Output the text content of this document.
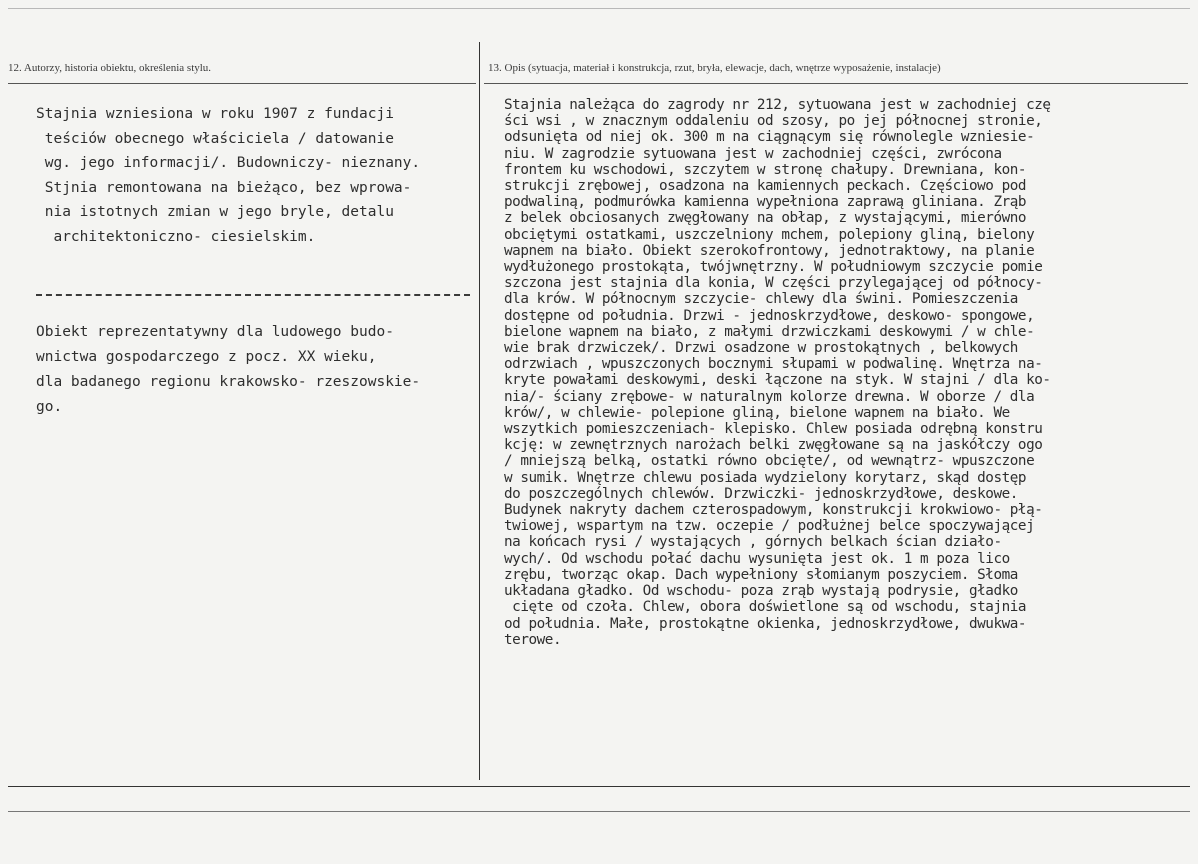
12. Autorzy, historia obiektu, określenia stylu.	13. Opis (sytuacja, materiał i konstrukcja, rzut, bryła, elewacje, dach, wnętrze wyposażenie, instalacje)
Stajnia wzniesiona w roku 1907 z fundacji
teściów obecnego właściciela / datowanie
wg. jego informacji/. Budowniczy- nieznany.
Stjnia remontowana na bieżąco, bez wprowa-
nia istotnych zmian w jego bryle, detalu
architektoniczno- ciesielskim.
Obiekt reprezentatywny dla ludowego budo-
wnictwa gospodarczego z pocz. XX wieku,
dla badanego regionu krakowsko- rzeszowskie-
go.
Stajnia należąca do zagrody nr 212, sytuowana jest w zachodniej czę
ści wsi , w znacznym oddaleniu od szosy, po jej północnej stronie,
odsunięta od niej ok. 300 m na ciągnącym się równolegle wzniesie-
niu. W zagrodzie sytuowana jest w zachodniej części, zwrócona
frontem ku wschodowi, szczytem w stronę chałupy. Drewniana, kon-
strukcji zrębowej, osadzona na kamiennych peckach. Częściowo pod
podwaliną, podmurówka kamienna wypełniona zaprawą gliniana. Zrąb
z belek obciosanych zwęgłowany na obłap, z wystającymi, mierówno
obciętymi ostatkami, uszczelniony mchem, polepiony gliną, bielony
wapnem na biało. Obiekt szerokofrontowy, jednotraktowy, na planie
wydłużonego prostokąta, twójwnętrzny. W południowym szczycie pomie
szczona jest stajnia dla konia, W części przylegającej od północy-
dla krów. W północnym szczycie- chlewy dla świni. Pomieszczenia
dostępne od południa. Drzwi - jednoskrzydłowe, deskowo- spongowe,
bielone wapnem na biało, z małymi drzwiczkami deskowymi / w chle-
wie brak drzwiczek/. Drzwi osadzone w prostokątnych , belkowych
odrzwiach , wpuszczonych bocznymi słupami w podwalinę. Wnętrza na-
kryte powałami deskowymi, deski łączone na styk. W stajni / dla ko-
nia/- ściany zrębowe- w naturalnym kolorze drewna. W oborze / dla
krów/, w chlewie- polepione gliną, bielone wapnem na biało. We
wszytkich pomieszczeniach- klepisko. Chlew posiada odrębną konstru
kcję: w zewnętrznych narożach belki zwęgłowane są na jaskółczy ogo
/ mniejszą belką, ostatki równo obcięte/, od wewnątrz- wpuszczone
w sumik. Wnętrze chlewu posiada wydzielony korytarz, skąd dostęp
do poszczególnych chlewów. Drzwiczki- jednoskrzydłowe, deskowe.
Budynek nakryty dachem czterospadowym, konstrukcji krokwiowo- płą-
twiowej, wspartym na tzw. oczepie / podłużnej belce spoczywającej
na końcach rysi / wystających , górnych belkach ścian działo-
wych/. Od wschodu połać dachu wysunięta jest ok. 1 m poza lico
zrębu, tworząc okap. Dach wypełniony słomianym poszyciem. Słoma
układana gładko. Od wschodu- poza zrąb wystają podrysie, gładko
cięte od czoła. Chlew, obora doświetlone są od wschodu, stajnia
od południa. Małe, prostokątne okienka, jednoskrzydłowe, dwukwa-
terowe.
